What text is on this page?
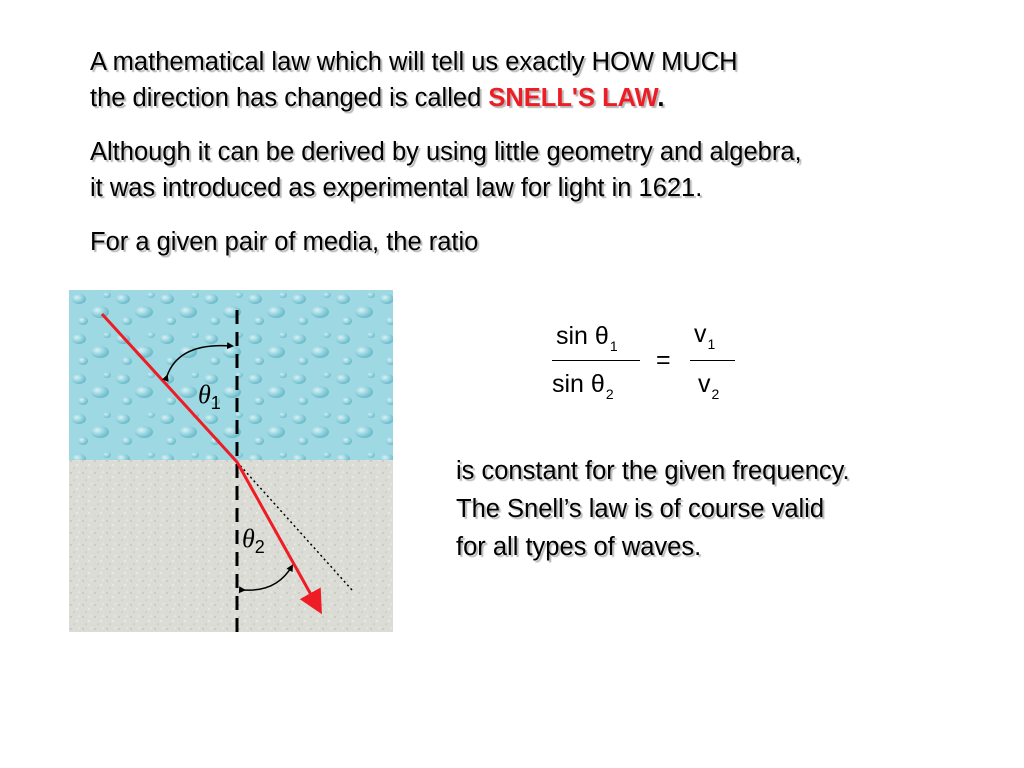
A mathematical law which will tell us exactly HOW MUCH
the direction has changed is called SNELL'S LAW.
Although it can be derived by using little geometry and algebra,
it was introduced as experimental law for light in 1621.
For a given pair of media, the ratio
$\theta_1$
$\theta_2$
$\sin \theta_1$
$\sin \theta_2$
=
$v_1$
$v_2$
is constant for the given frequency.
The Snell’s law is of course valid
for all types of waves.
